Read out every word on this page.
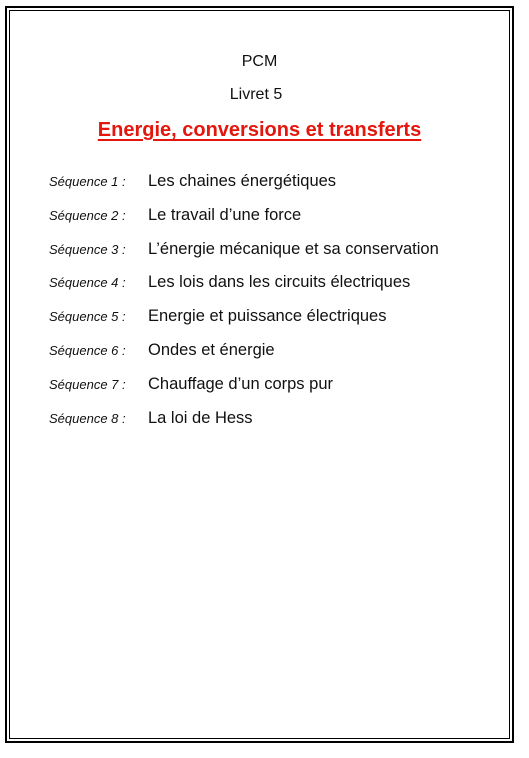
PCM
Livret 5
Energie, conversions et transferts
Séquence 1 :	Les chaines énergétiques
Séquence 2 :	Le travail d’une force
Séquence 3 :	L’énergie mécanique et sa conservation
Séquence 4 :	Les lois dans les circuits électriques
Séquence 5 :	Energie et puissance électriques
Séquence 6 :	Ondes et énergie
Séquence 7 :	Chauffage d’un corps pur
Séquence 8 :	La loi de Hess
